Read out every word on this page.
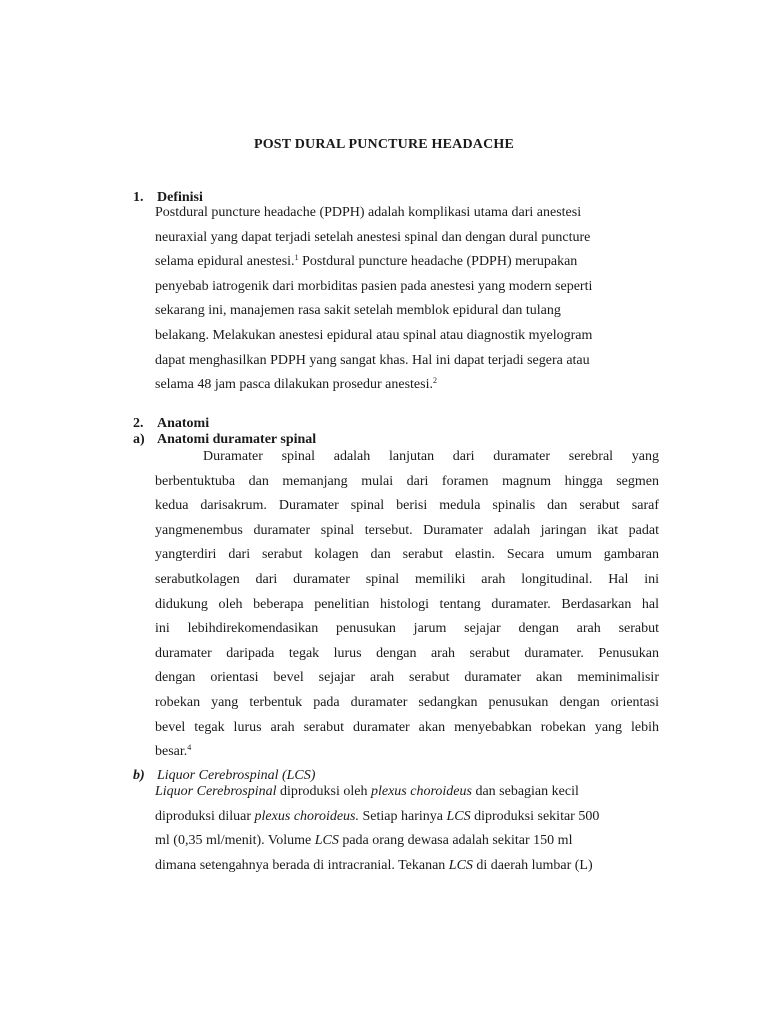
POST DURAL PUNCTURE HEADACHE
1. Definisi
Postdural puncture headache (PDPH) adalah komplikasi utama dari anestesi
neuraxial yang dapat terjadi setelah anestesi spinal dan dengan dural puncture
selama epidural anestesi.$^1$ Postdural puncture headache (PDPH) merupakan
penyebab iatrogenik dari morbiditas pasien pada anestesi yang modern seperti
sekarang ini, manajemen rasa sakit setelah memblok epidural dan tulang
belakang. Melakukan anestesi epidural atau spinal atau diagnostik myelogram
dapat menghasilkan PDPH yang sangat khas. Hal ini dapat terjadi segera atau
selama 48 jam pasca dilakukan prosedur anestesi.$^2$
2. Anatomi
a) Anatomi duramater spinal
Duramater spinal adalah lanjutan dari duramater serebral yang
berbentuktuba dan memanjang mulai dari foramen magnum hingga segmen
kedua darisakrum. Duramater spinal berisi medula spinalis dan serabut saraf
yangmenembus duramater spinal tersebut. Duramater adalah jaringan ikat padat
yangterdiri dari serabut kolagen dan serabut elastin. Secara umum gambaran
serabutkolagen dari duramater spinal memiliki arah longitudinal. Hal ini
didukung oleh beberapa penelitian histologi tentang duramater. Berdasarkan hal
ini lebihdirekomendasikan penusukan jarum sejajar dengan arah serabut
duramater daripada tegak lurus dengan arah serabut duramater. Penusukan
dengan orientasi bevel sejajar arah serabut duramater akan meminimalisir
robekan yang terbentuk pada duramater sedangkan penusukan dengan orientasi
bevel tegak lurus arah serabut duramater akan menyebabkan robekan yang lebih
besar.$^4$
b) Liquor Cerebrospinal (LCS)
Liquor Cerebrospinal diproduksi oleh plexus choroideus dan sebagian kecil
diproduksi diluar plexus choroideus. Setiap harinya LCS diproduksi sekitar 500
ml (0,35 ml/menit). Volume LCS pada orang dewasa adalah sekitar 150 ml
dimana setengahnya berada di intracranial. Tekanan LCS di daerah lumbar (L)
